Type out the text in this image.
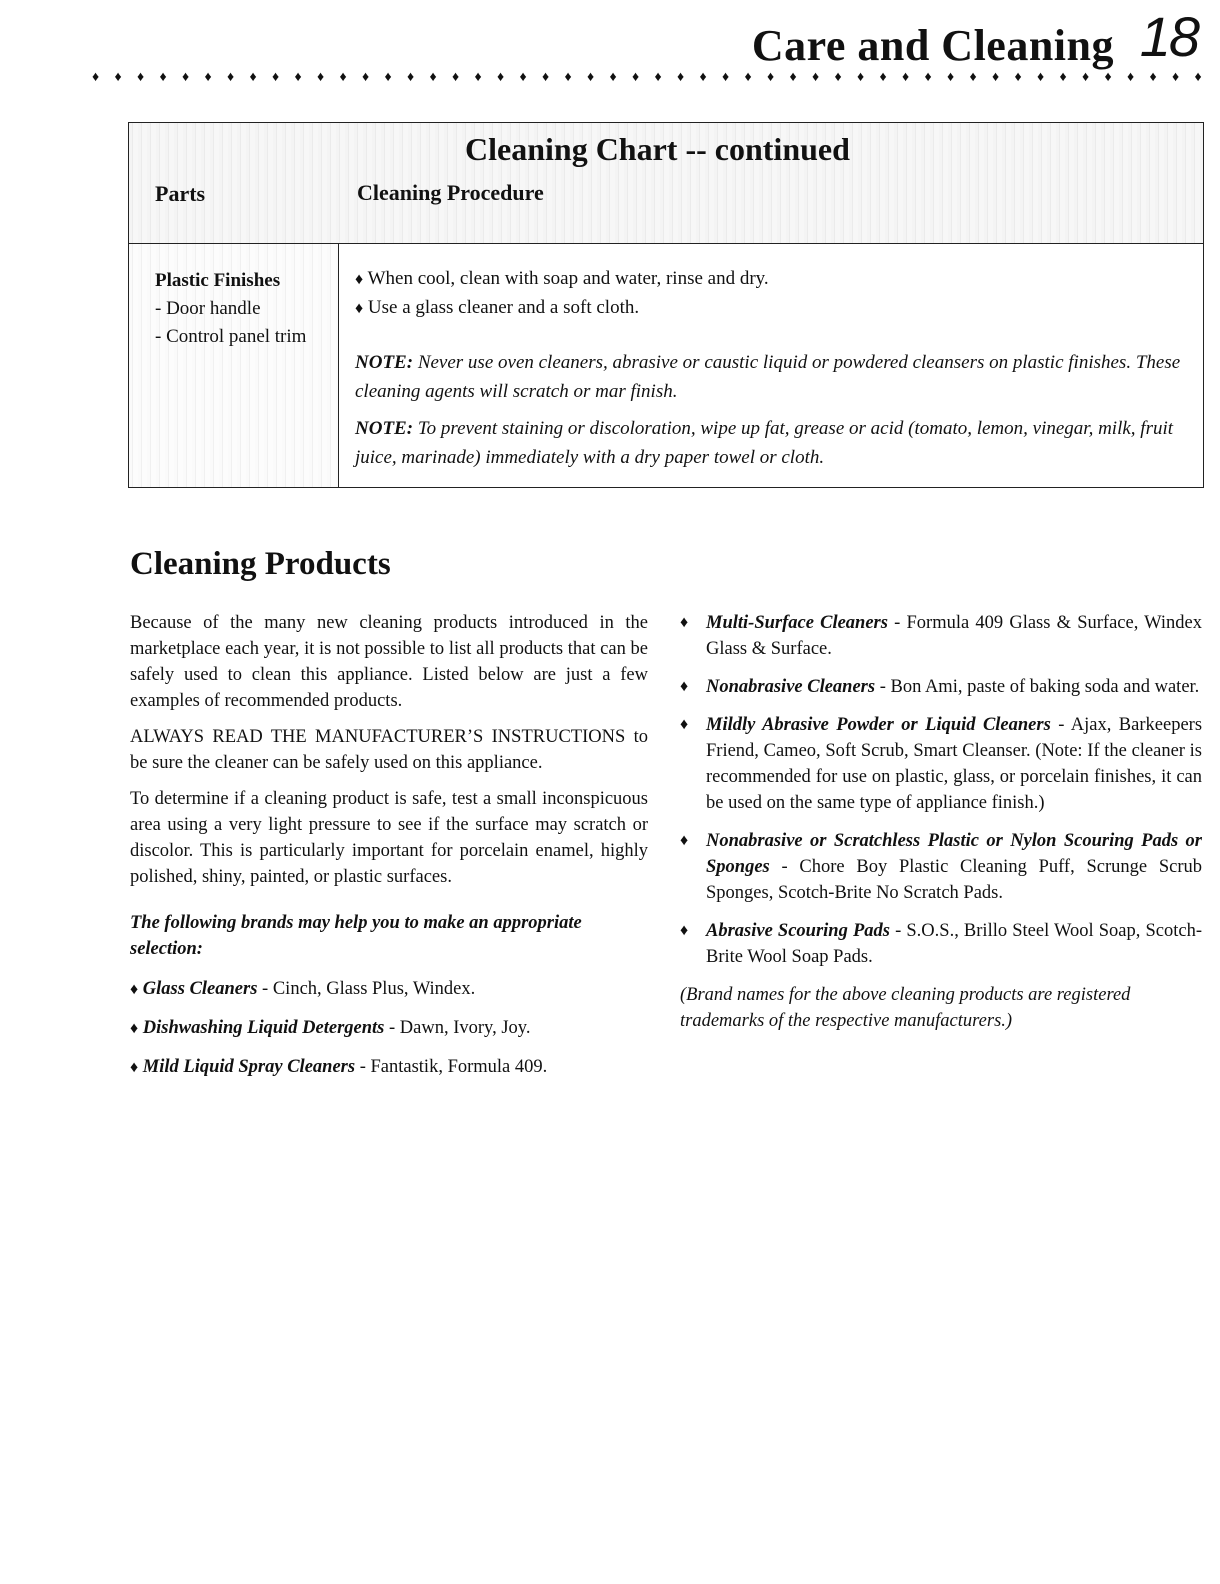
Care and Cleaning 18
♦ ♦ ♦ ♦ ♦ ♦ ♦ ♦ ♦ ♦ ♦ ♦ ♦ ♦ ♦ ♦ ♦ ♦ ♦ ♦ ♦ ♦ ♦ ♦ ♦ ♦ ♦ ♦ ♦ ♦ ♦ ♦ ♦ ♦ ♦ ♦ ♦ ♦ ♦ ♦ ♦ ♦ ♦ ♦ ♦ ♦ ♦ ♦ ♦ ♦
Cleaning Chart -- continued
Parts	Cleaning Procedure
Plastic Finishes
- Door handle
- Control panel trim
♦ When cool, clean with soap and water, rinse and dry.
♦ Use a glass cleaner and a soft cloth.
NOTE: Never use oven cleaners, abrasive or caustic liquid or powdered cleansers on plastic finishes. These cleaning agents will scratch or mar finish.
NOTE: To prevent staining or discoloration, wipe up fat, grease or acid (tomato, lemon, vinegar, milk, fruit juice, marinade) immediately with a dry paper towel or cloth.
Cleaning Products

Because of the many new cleaning products introduced in the marketplace each year, it is not possible to list all products that can be safely used to clean this appliance. Listed below are just a few examples of recommended products.

ALWAYS READ THE MANUFACTURER’S INSTRUCTIONS to be sure the cleaner can be safely used on this appliance.

To determine if a cleaning product is safe, test a small inconspicuous area using a very light pressure to see if the surface may scratch or discolor. This is particularly important for porcelain enamel, highly polished, shiny, painted, or plastic surfaces.

The following brands may help you to make an appropriate selection:

♦ Glass Cleaners - Cinch, Glass Plus, Windex.

♦ Dishwashing Liquid Detergents - Dawn, Ivory, Joy.

♦ Mild Liquid Spray Cleaners - Fantastik, Formula 409.

♦ Multi-Surface Cleaners - Formula 409 Glass & Surface, Windex Glass & Surface.

♦ Nonabrasive Cleaners - Bon Ami, paste of baking soda and water.

♦ Mildly Abrasive Powder or Liquid Cleaners - Ajax, Barkeepers Friend, Cameo, Soft Scrub, Smart Cleanser. (Note: If the cleaner is recommended for use on plastic, glass, or porcelain finishes, it can be used on the same type of appliance finish.)

♦ Nonabrasive or Scratchless Plastic or Nylon Scouring Pads or Sponges - Chore Boy Plastic Cleaning Puff, Scrunge Scrub Sponges, Scotch-Brite No Scratch Pads.

♦ Abrasive Scouring Pads - S.O.S., Brillo Steel Wool Soap, Scotch-Brite Wool Soap Pads.

(Brand names for the above cleaning products are registered trademarks of the respective manufacturers.)
